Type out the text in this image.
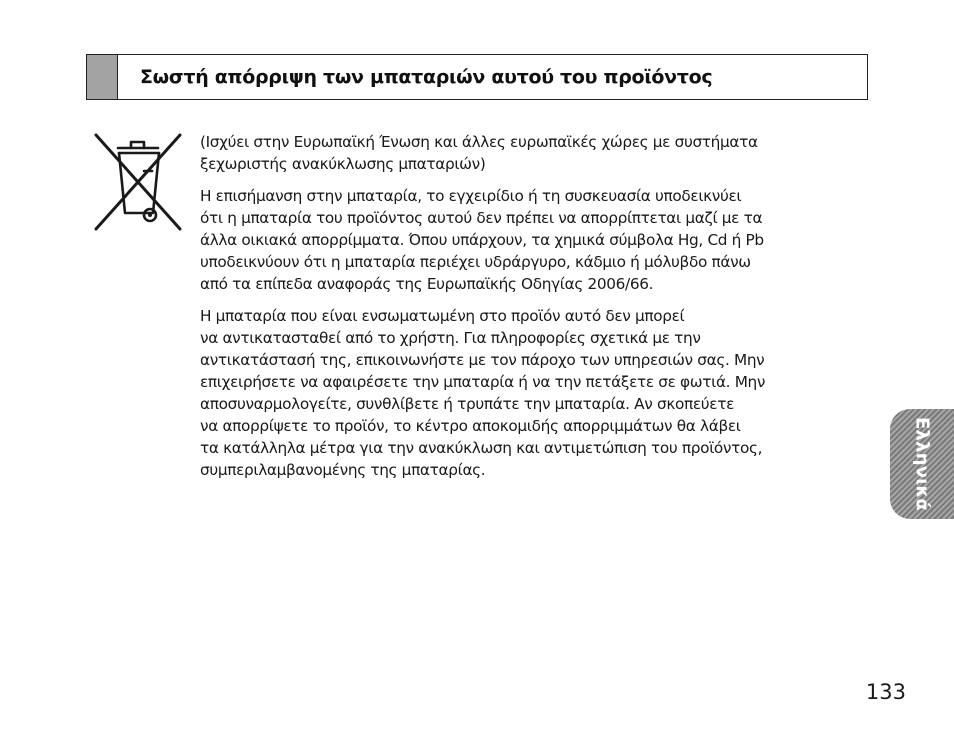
Σωστή απόρριψη των μπαταριών αυτού του προϊόντος

(Ισχύει στην Ευρωπαϊκή Ένωση και άλλες ευρωπαϊκές χώρες με συστήματα
ξεχωριστής ανακύκλωσης μπαταριών)

Η επισήμανση στην μπαταρία, το εγχειρίδιο ή τη συσκευασία υποδεικνύει
ότι η μπαταρία του προϊόντος αυτού δεν πρέπει να απορρίπτεται μαζί με τα
άλλα οικιακά απορρίμματα. Όπου υπάρχουν, τα χημικά σύμβολα Hg, Cd ή Pb
υποδεικνύουν ότι η μπαταρία περιέχει υδράργυρο, κάδμιο ή μόλυβδο πάνω
από τα επίπεδα αναφοράς της Ευρωπαϊκής Οδηγίας 2006/66.

Η μπαταρία που είναι ενσωματωμένη στο προϊόν αυτό δεν μπορεί
να αντικατασταθεί από το χρήστη. Για πληροφορίες σχετικά με την
αντικατάστασή της, επικοινωνήστε με τον πάροχο των υπηρεσιών σας. Μην
επιχειρήσετε να αφαιρέσετε την μπαταρία ή να την πετάξετε σε φωτιά. Μην
αποσυναρμολογείτε, συνθλίβετε ή τρυπάτε την μπαταρία. Αν σκοπεύετε
να απορρίψετε το προϊόν, το κέντρο αποκομιδής απορριμμάτων θα λάβει
τα κατάλληλα μέτρα για την ανακύκλωση και αντιμετώπιση του προϊόντος,
συμπεριλαμβανομένης της μπαταρίας.	Ελληνικά
133
